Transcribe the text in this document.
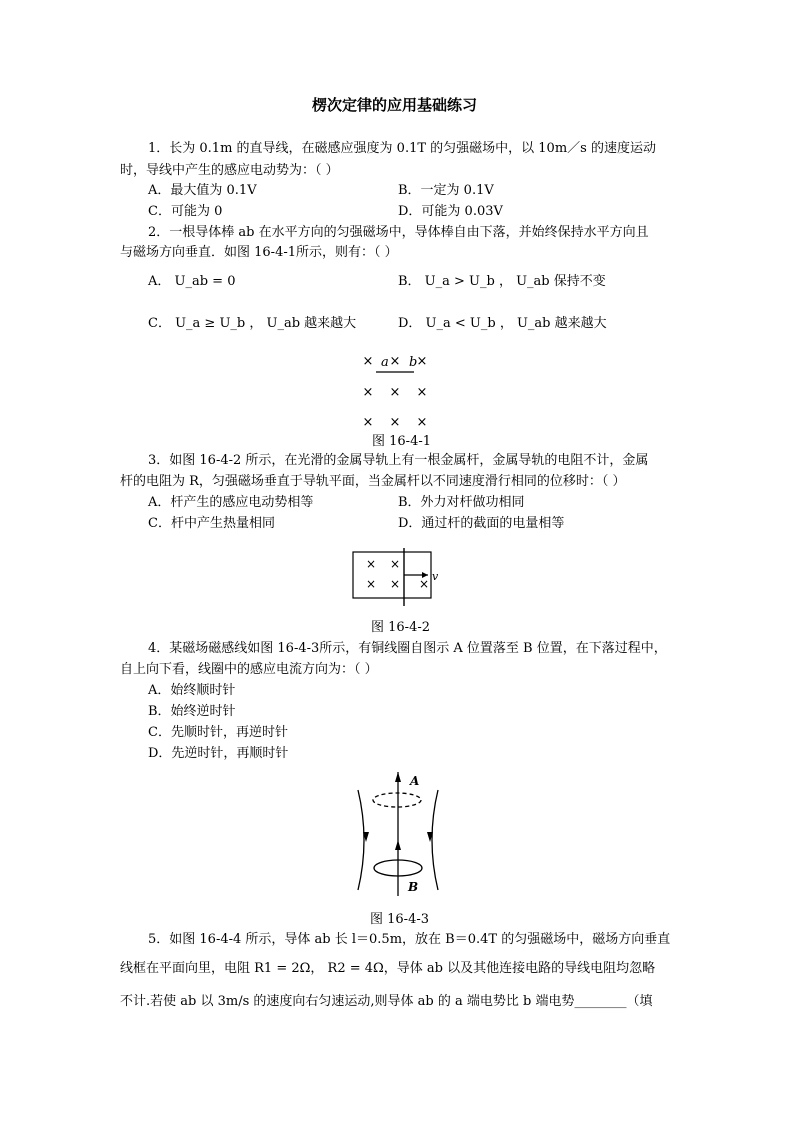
楞次定律的应用基础练习
1．长为 0.1m 的直导线，在磁感应强度为 0.1T 的匀强磁场中，以 10m／s 的速度运动
时，导线中产生的感应电动势为：（ ）
A．最大值为 0.1V	B．一定为 0.1V
C．可能为 0	D．可能为 0.03V
2．一根导体棒 ab 在水平方向的匀强磁场中，导体棒自由下落，并始终保持水平方向且
与磁场方向垂直．如图 16-4-1所示，则有：（ ）
A． U_ab = 0	B． U_a > U_b ， U_ab 保持不变
C． U_a ≥ U_b ， U_ab 越来越大	D． U_a < U_b ， U_ab 越来越大
× × ×
× × ×
× × ×
a b
图 16-4-1
3．如图 16-4-2 所示，在光滑的金属导轨上有一根金属杆，金属导轨的电阻不计，金属
杆的电阻为 R，匀强磁场垂直于导轨平面，当金属杆以不同速度滑行相同的位移时：（ ）
A．杆产生的感应电动势相等	B．外力对杆做功相同
C．杆中产生热量相同	D．通过杆的截面的电量相等
× ×
× × ×
v
图 16-4-2
4．某磁场磁感线如图 16-4-3所示，有铜线圈自图示 A 位置落至 B 位置，在下落过程中，
自上向下看，线圈中的感应电流方向为：（ ）
A．始终顺时针
B．始终逆时针
C．先顺时针，再逆时针
D．先逆时针，再顺时针
A
B
图 16-4-3
5．如图 16-4-4 所示，导体 ab 长 l＝0.5m，放在 B＝0.4T 的匀强磁场中，磁场方向垂直
线框在平面向里，电阻 R1 = 2Ω， R2 = 4Ω，导体 ab 以及其他连接电路的导线电阻均忽略
不计.若使 ab 以 3m/s 的速度向右匀速运动,则导体 ab 的 a 端电势比 b 端电势________（填
